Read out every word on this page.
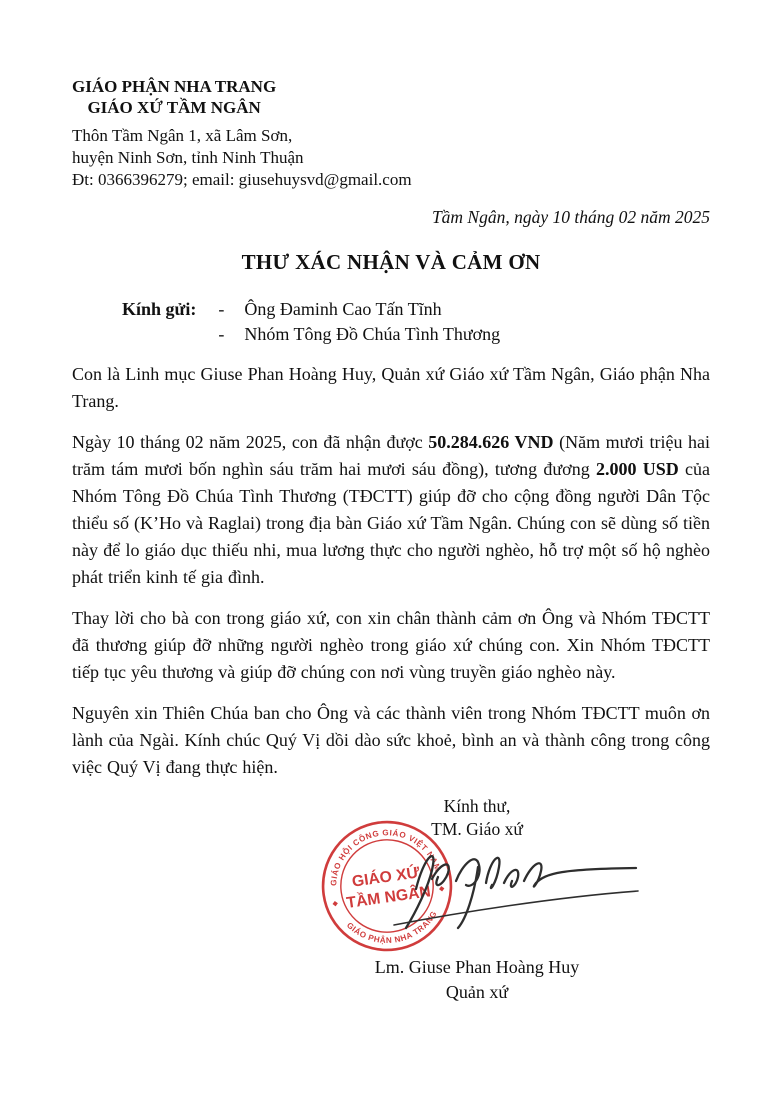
GIÁO PHẬN NHA TRANG
GIÁO XỨ TẦM NGÂN
Thôn Tầm Ngân 1, xã Lâm Sơn,
huyện Ninh Sơn, tỉnh Ninh Thuận
Đt: 0366396279; email: giusehuysvd@gmail.com
Tầm Ngân, ngày 10 tháng 02 năm 2025
THƯ XÁC NHẬN VÀ CẢM ƠN
Kính gửi: -	Ông Đaminh Cao Tấn Tĩnh
-	Nhóm Tông Đồ Chúa Tình Thương

Con là Linh mục Giuse Phan Hoàng Huy, Quản xứ Giáo xứ Tầm Ngân, Giáo phận Nha Trang.

Ngày 10 tháng 02 năm 2025, con đã nhận được 50.284.626 VND (Năm mươi triệu hai trăm tám mươi bốn nghìn sáu trăm hai mươi sáu đồng), tương đương 2.000 USD của Nhóm Tông Đồ Chúa Tình Thương (TĐCTT) giúp đỡ cho cộng đồng người Dân Tộc thiểu số (K’Ho và Raglai) trong địa bàn Giáo xứ Tầm Ngân. Chúng con sẽ dùng số tiền này để lo giáo dục thiếu nhi, mua lương thực cho người nghèo, hỗ trợ một số hộ nghèo phát triển kinh tế gia đình.

Thay lời cho bà con trong giáo xứ, con xin chân thành cảm ơn Ông và Nhóm TĐCTT đã thương giúp đỡ những người nghèo trong giáo xứ chúng con. Xin Nhóm TĐCTT tiếp tục yêu thương và giúp đỡ chúng con nơi vùng truyền giáo nghèo này.

Nguyên xin Thiên Chúa ban cho Ông và các thành viên trong Nhóm TĐCTT muôn ơn lành của Ngài. Kính chúc Quý Vị dồi dào sức khoẻ, bình an và thành công trong công việc Quý Vị đang thực hiện.

Kính thư,
TM. Giáo xứ
GIÁO HỘI CÔNG GIÁO VIỆT NAM
GIÁO PHẬN NHA TRANG
◆
◆
GIÁO XỨ
TẦM NGÂN
Lm. Giuse Phan Hoàng Huy
Quản xứ
